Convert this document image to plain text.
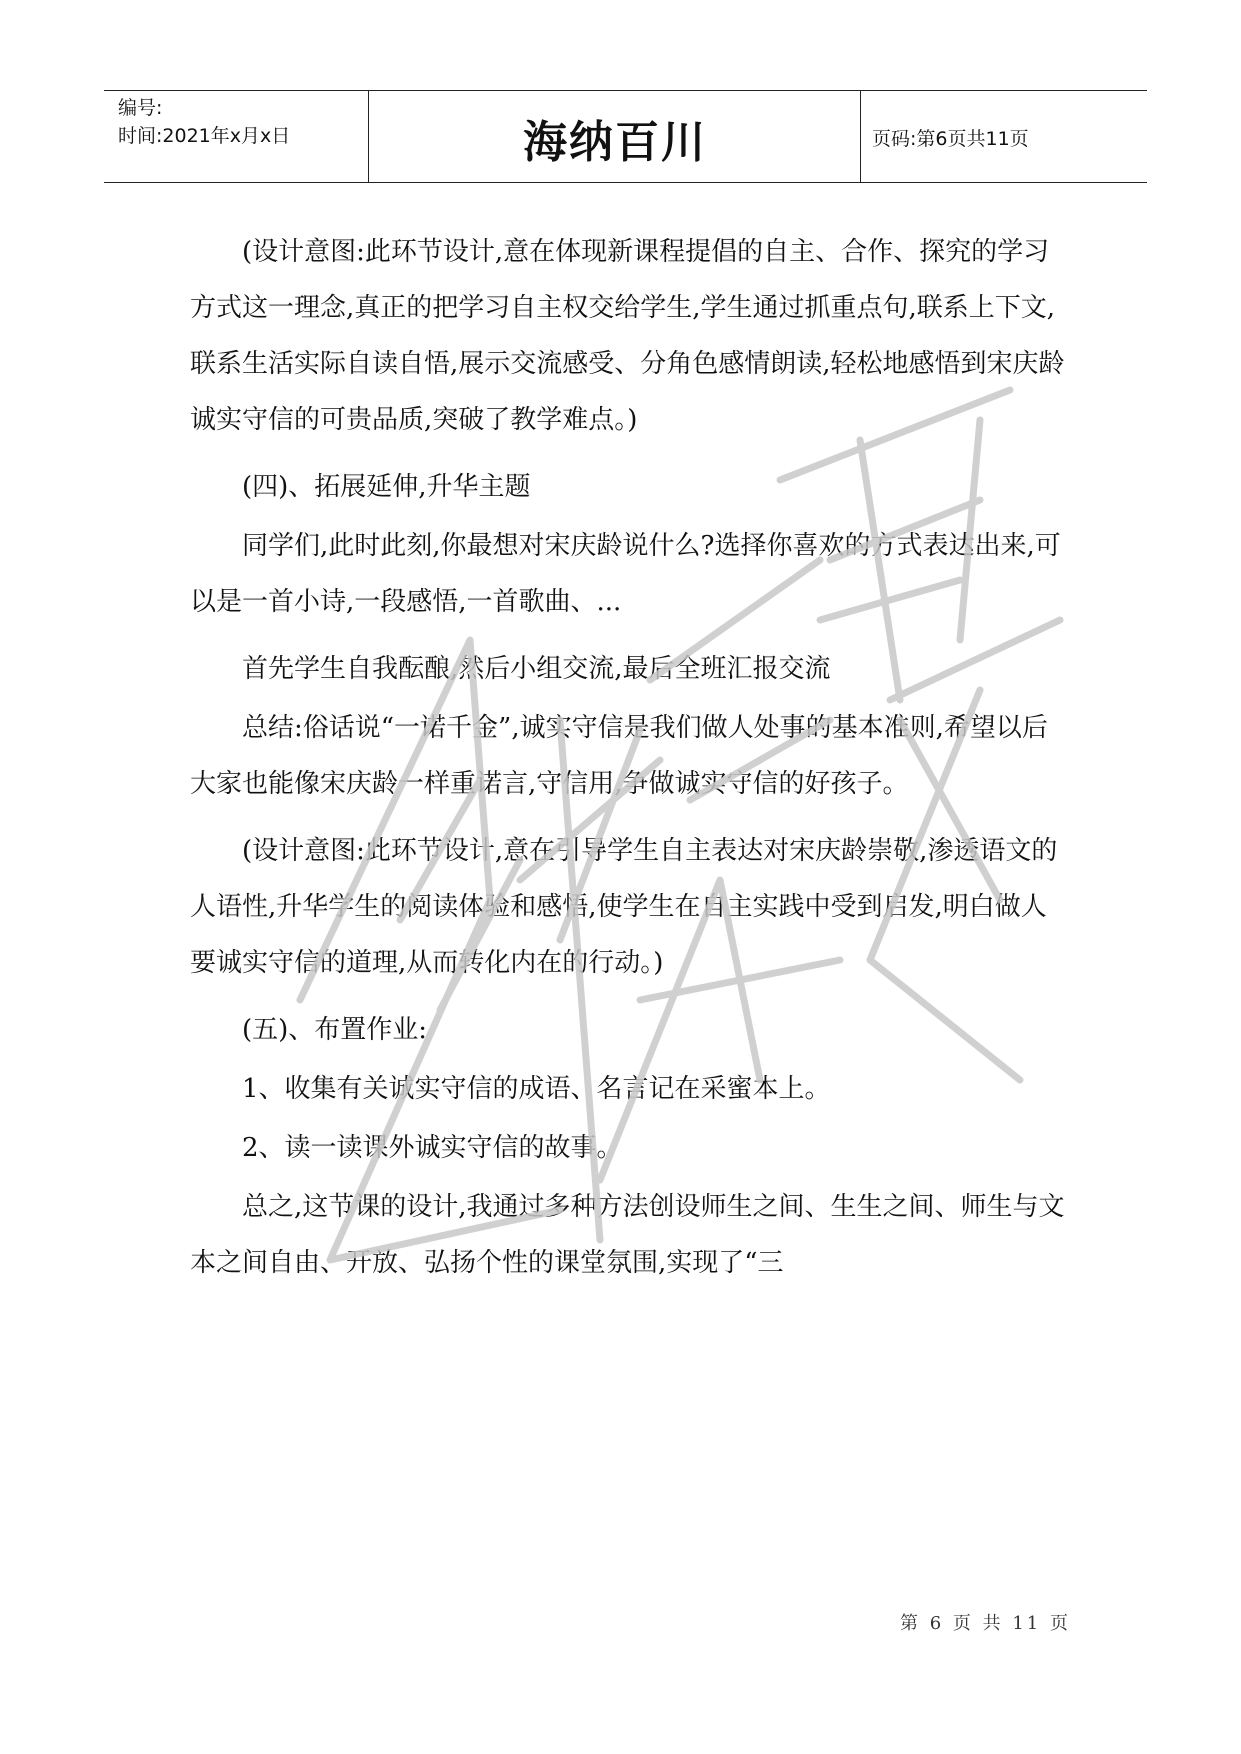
编号:
时间:2021年x月x日	海纳百川	页码:第6页共11页

(设计意图:此环节设计,意在体现新课程提倡的自主、合作、探究的学习方式这一理念,真正的把学习自主权交给学生,学生通过抓重点句,联系上下文,联系生活实际自读自悟,展示交流感受、分角色感情朗读,轻松地感悟到宋庆龄诚实守信的可贵品质,突破了教学难点。)

(四)、拓展延伸,升华主题

同学们,此时此刻,你最想对宋庆龄说什么?选择你喜欢的方式表达出来,可以是一首小诗,一段感悟,一首歌曲、...

首先学生自我酝酿,然后小组交流,最后全班汇报交流

总结:俗话说“一诺千金”,诚实守信是我们做人处事的基本准则,希望以后大家也能像宋庆龄一样重诺言,守信用,争做诚实守信的好孩子。

(设计意图:此环节设计,意在引导学生自主表达对宋庆龄崇敬,渗透语文的人语性,升华学生的阅读体验和感悟,使学生在自主实践中受到启发,明白做人要诚实守信的道理,从而转化内在的行动。)

(五)、布置作业:

1、收集有关诚实守信的成语、名言记在采蜜本上。

2、读一读课外诚实守信的故事。

总之,这节课的设计,我通过多种方法创设师生之间、生生之间、师生与文本之间自由、开放、弘扬个性的课堂氛围,实现了“三

第 6 页 共 11 页
